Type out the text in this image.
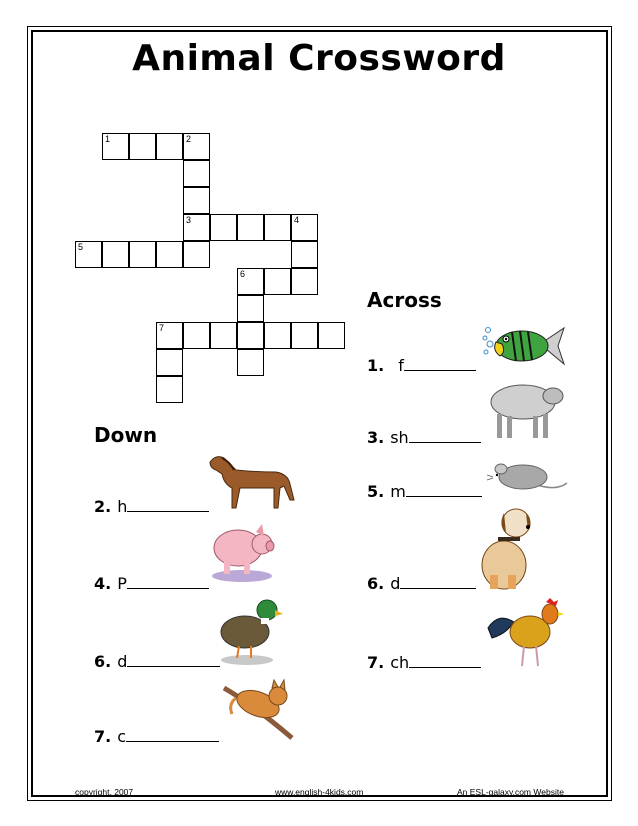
Animal Crossword
1	2
3	4
5
6
7
Across
1. f
3. sh
5. m
6. d
7. ch
Down
2. h
4. P
6. d
7. c
copyright, 2007	www.english-4kids.com	An ESL-galaxy.com Website
